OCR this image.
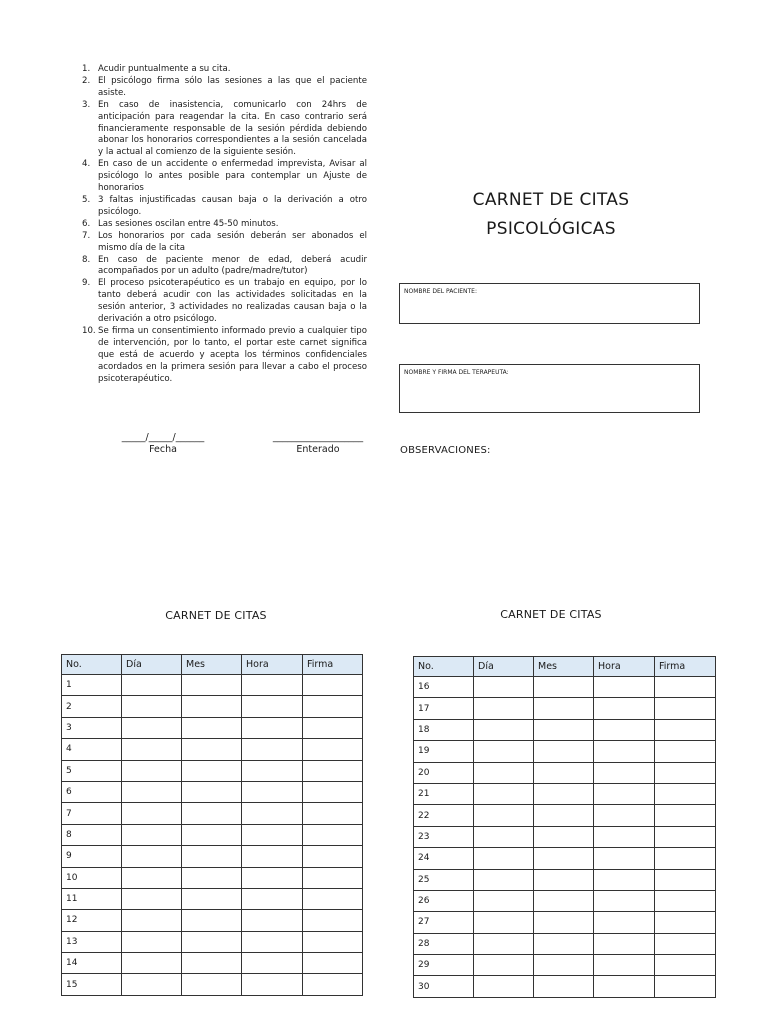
1. Acudir puntualmente a su cita.
2. El psicólogo firma sólo las sesiones a las que el paciente asiste.
3. En caso de inasistencia, comunicarlo con 24hrs de anticipación para reagendar la cita. En caso contrario será financieramente responsable de la sesión pérdida debiendo abonar los honorarios correspondientes a la sesión cancelada y la actual al comienzo de la siguiente sesión.
4. En caso de un accidente o enfermedad imprevista, Avisar al psicólogo lo antes posible para contemplar un Ajuste de honorarios
5. 3 faltas injustificadas causan baja o la derivación a otro psicólogo.
6. Las sesiones oscilan entre 45-50 minutos.
7. Los honorarios por cada sesión deberán ser abonados el mismo día de la cita
8. En caso de paciente menor de edad, deberá acudir acompañados por un adulto (padre/madre/tutor)
9. El proceso psicoterapéutico es un trabajo en equipo, por lo tanto deberá acudir con las actividades solicitadas en la sesión anterior, 3 actividades no realizadas causan baja o la derivación a otro psicólogo.
10. Se firma un consentimiento informado previo a cualquier tipo de intervención, por lo tanto, el portar este carnet significa que está de acuerdo y acepta los términos confidenciales acordados en la primera sesión para llevar a cabo el proceso psicoterapéutico.
_____/_____/______
Fecha
___________________
Enterado
CARNET DE CITAS
PSICOLÓGICAS
NOMBRE DEL PACIENTE:
NOMBRE Y FIRMA DEL TERAPEUTA:
OBSERVACIONES:
CARNET DE CITAS	CARNET DE CITAS
No.	Día	Mes	Hora	Firma
1				
2				
3				
4				
5				
6				
7				
8				
9				
10				
11				
12				
13				
14				
15				
No.	Día	Mes	Hora	Firma
16				
17				
18				
19				
20				
21				
22				
23				
24				
25				
26				
27				
28				
29				
30				
